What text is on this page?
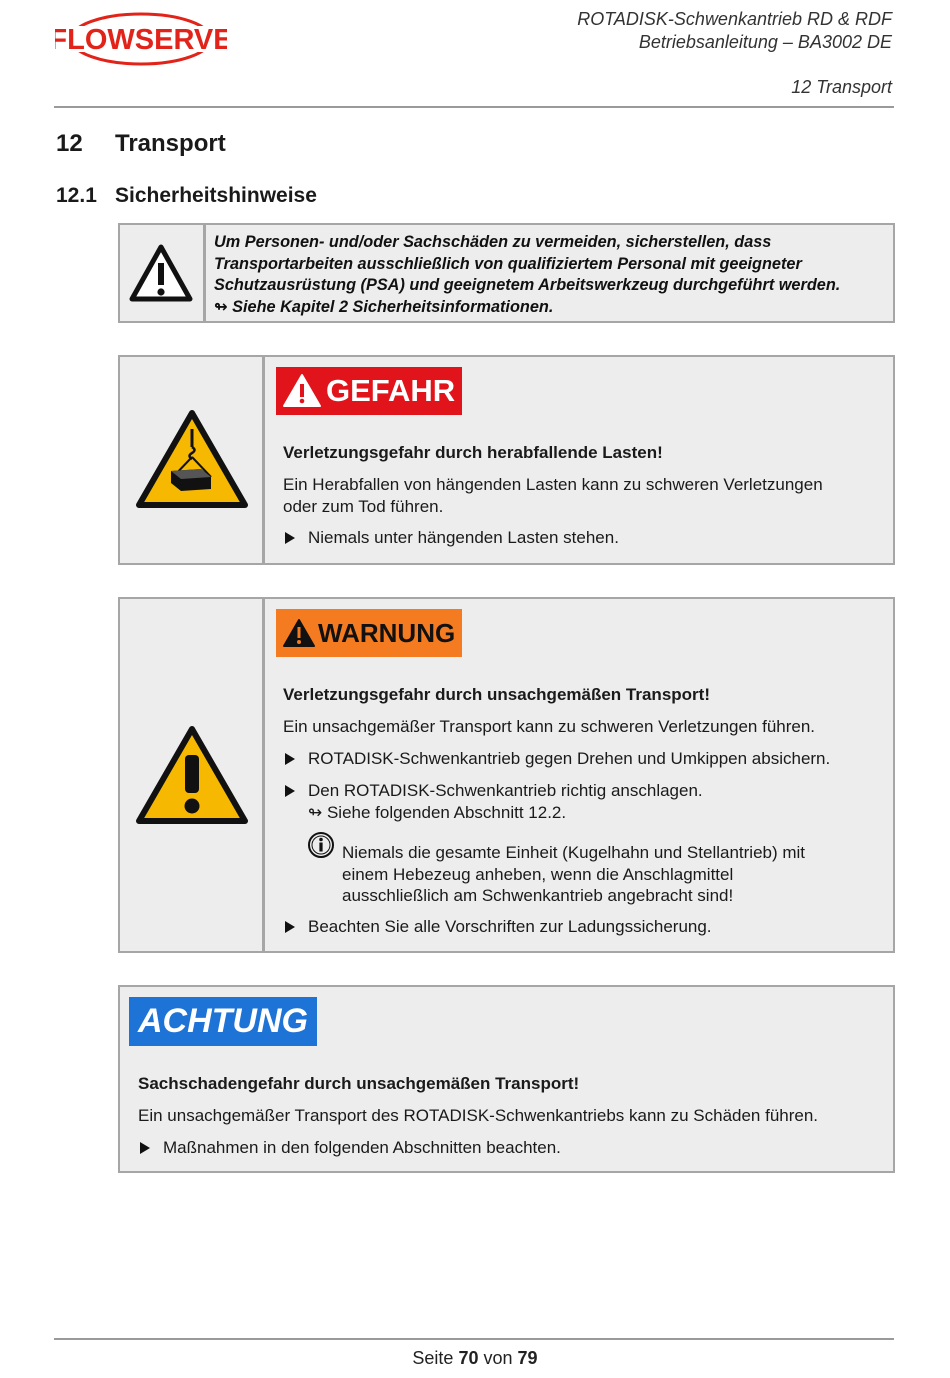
FLOWSERVE
ROTADISK-Schwenkantrieb RD & RDF
Betriebsanleitung – BA3002 DE
12 Transport
12 Transport
12.1 Sicherheitshinweise
Um Personen- und/oder Sachschäden zu vermeiden, sicherstellen, dass
Transportarbeiten ausschließlich von qualifiziertem Personal mit geeigneter
Schutzausrüstung (PSA) und geeignetem Arbeitswerkzeug durchgeführt werden.
↬ Siehe Kapitel 2 Sicherheitsinformationen.
GEFAHR
Verletzungsgefahr durch herabfallende Lasten!
Ein Herabfallen von hängenden Lasten kann zu schweren Verletzungen
oder zum Tod führen.
Niemals unter hängenden Lasten stehen.
WARNUNG
Verletzungsgefahr durch unsachgemäßen Transport!
Ein unsachgemäßer Transport kann zu schweren Verletzungen führen.
ROTADISK-Schwenkantrieb gegen Drehen und Umkippen absichern.
Den ROTADISK-Schwenkantrieb richtig anschlagen.
↬ Siehe folgenden Abschnitt 12.2.
Niemals die gesamte Einheit (Kugelhahn und Stellantrieb) mit
einem Hebezeug anheben, wenn die Anschlagmittel
ausschließlich am Schwenkantrieb angebracht sind!
Beachten Sie alle Vorschriften zur Ladungssicherung.
ACHTUNG
Sachschadengefahr durch unsachgemäßen Transport!
Ein unsachgemäßer Transport des ROTADISK-Schwenkantriebs kann zu Schäden führen.
Maßnahmen in den folgenden Abschnitten beachten.
Seite 70 von 79
